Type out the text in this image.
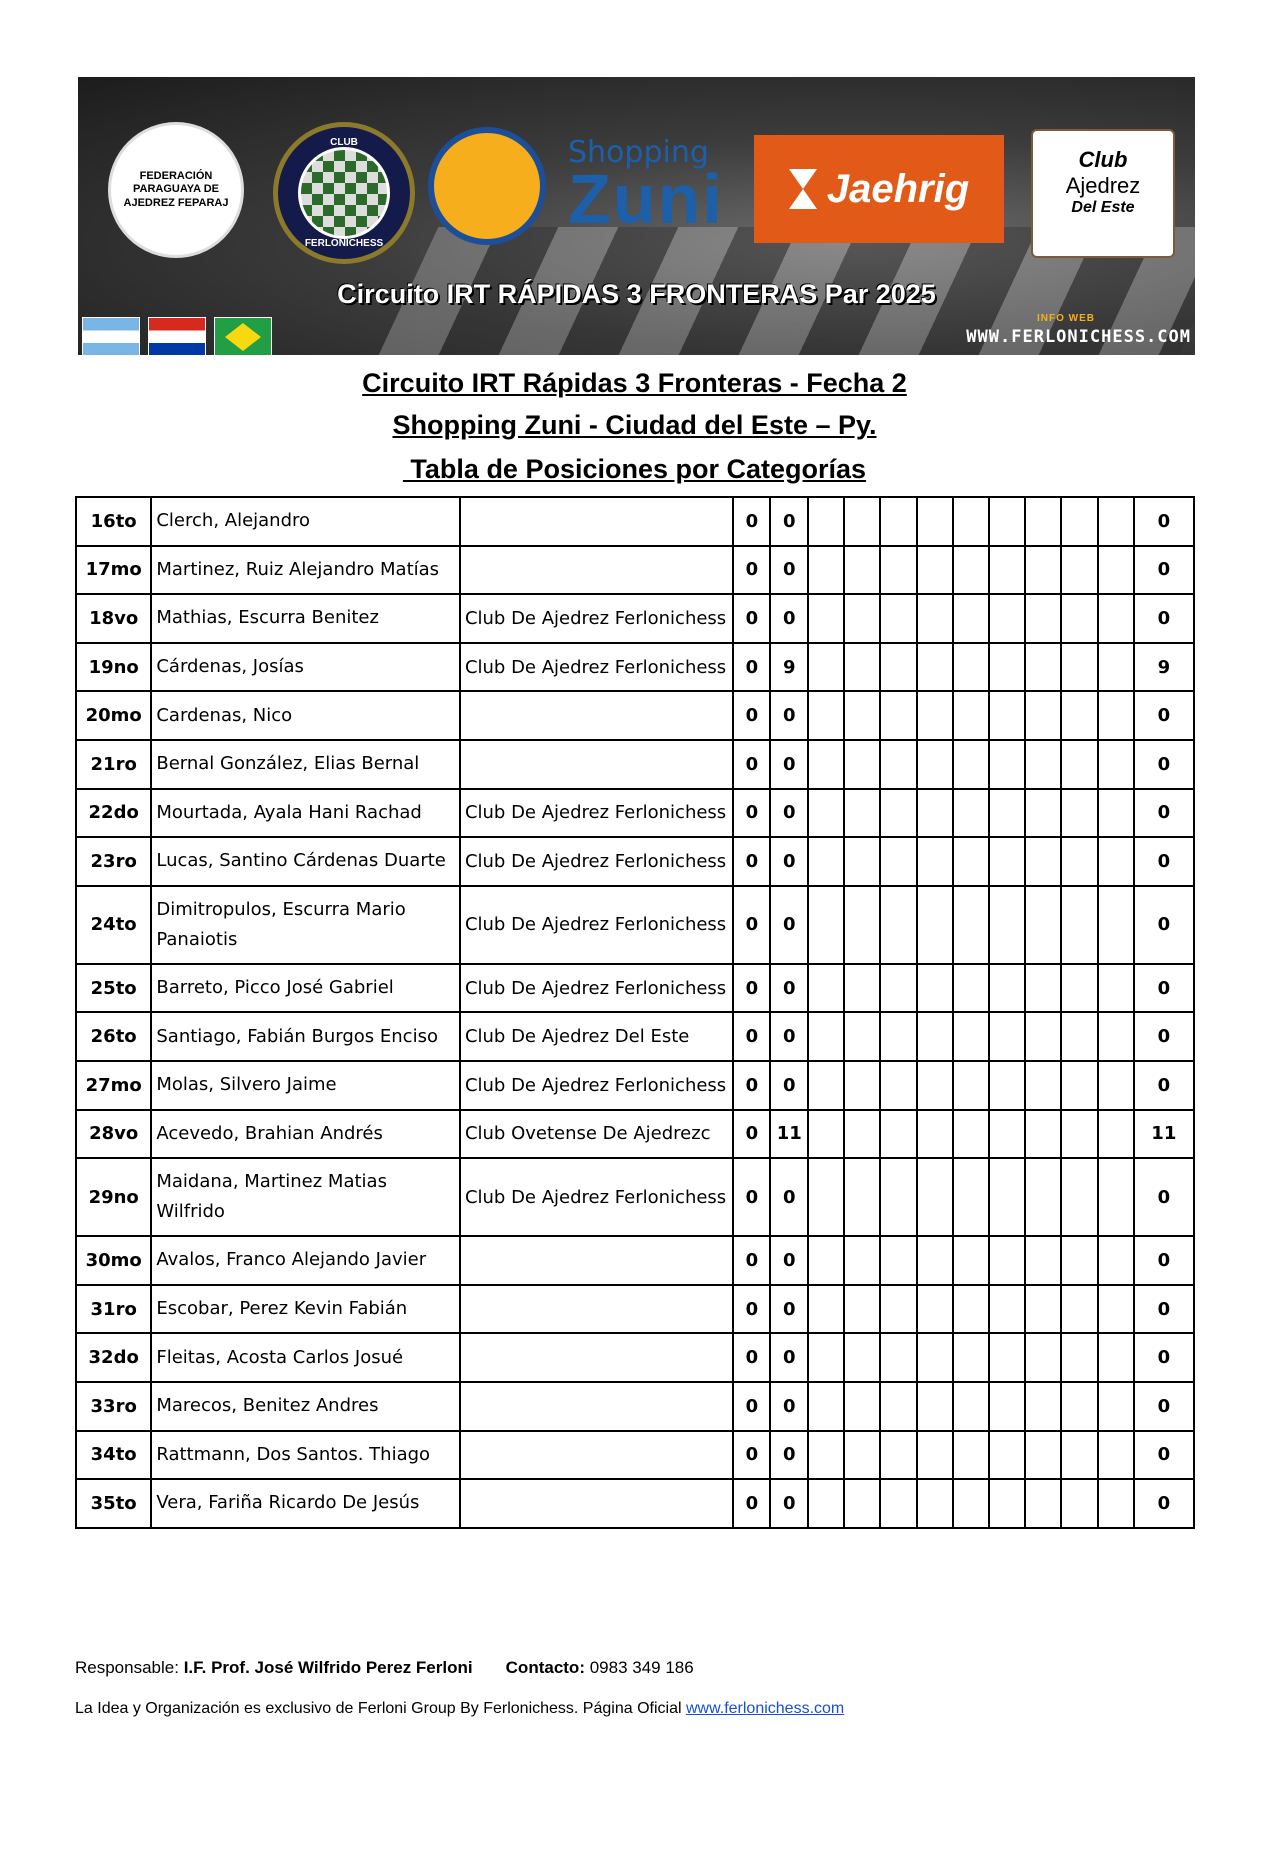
FEDERACIÓN PARAGUAYA DE AJEDREZ FEPARAJ
CLUB
FERLONICHESS
Shopping
Zuni	Jaehrig
Club
Ajedrez
Del Este
Circuito IRT RÁPIDAS 3 FRONTERAS Par 2025
INFO WEB
WWW.FERLONICHESS.COM
Circuito IRT Rápidas 3 Fronteras - Fecha 2
Shopping Zuni - Ciudad del Este – Py.
Tabla de Posiciones por Categorías
16to	Clerch, Alejandro		0	0										0
17mo	Martinez, Ruiz Alejandro Matías		0	0										0
18vo	Mathias, Escurra Benitez	Club De Ajedrez Ferlonichess	0	0										0
19no	Cárdenas, Josías	Club De Ajedrez Ferlonichess	0	9										9
20mo	Cardenas, Nico		0	0										0
21ro	Bernal González, Elias Bernal		0	0										0
22do	Mourtada, Ayala Hani Rachad	Club De Ajedrez Ferlonichess	0	0										0
23ro	Lucas, Santino Cárdenas Duarte	Club De Ajedrez Ferlonichess	0	0										0
24to	Dimitropulos, Escurra Mario Panaiotis	Club De Ajedrez Ferlonichess	0	0										0
25to	Barreto, Picco José Gabriel	Club De Ajedrez Ferlonichess	0	0										0
26to	Santiago, Fabián Burgos Enciso	Club De Ajedrez Del Este	0	0										0
27mo	Molas, Silvero Jaime	Club De Ajedrez Ferlonichess	0	0										0
28vo	Acevedo, Brahian Andrés	Club Ovetense De Ajedrezc	0	11										11
29no	Maidana, Martinez Matias Wilfrido	Club De Ajedrez Ferlonichess	0	0										0
30mo	Avalos, Franco Alejando Javier		0	0										0
31ro	Escobar, Perez Kevin Fabián		0	0										0
32do	Fleitas, Acosta Carlos Josué		0	0										0
33ro	Marecos, Benitez Andres		0	0										0
34to	Rattmann, Dos Santos. Thiago		0	0										0
35to	Vera, Fariña Ricardo De Jesús		0	0										0
Responsable: I.F. Prof. José Wilfrido Perez Ferloni Contacto: 0983 349 186
La Idea y Organización es exclusivo de Ferloni Group By Ferlonichess. Página Oficial www.ferlonichess.com
